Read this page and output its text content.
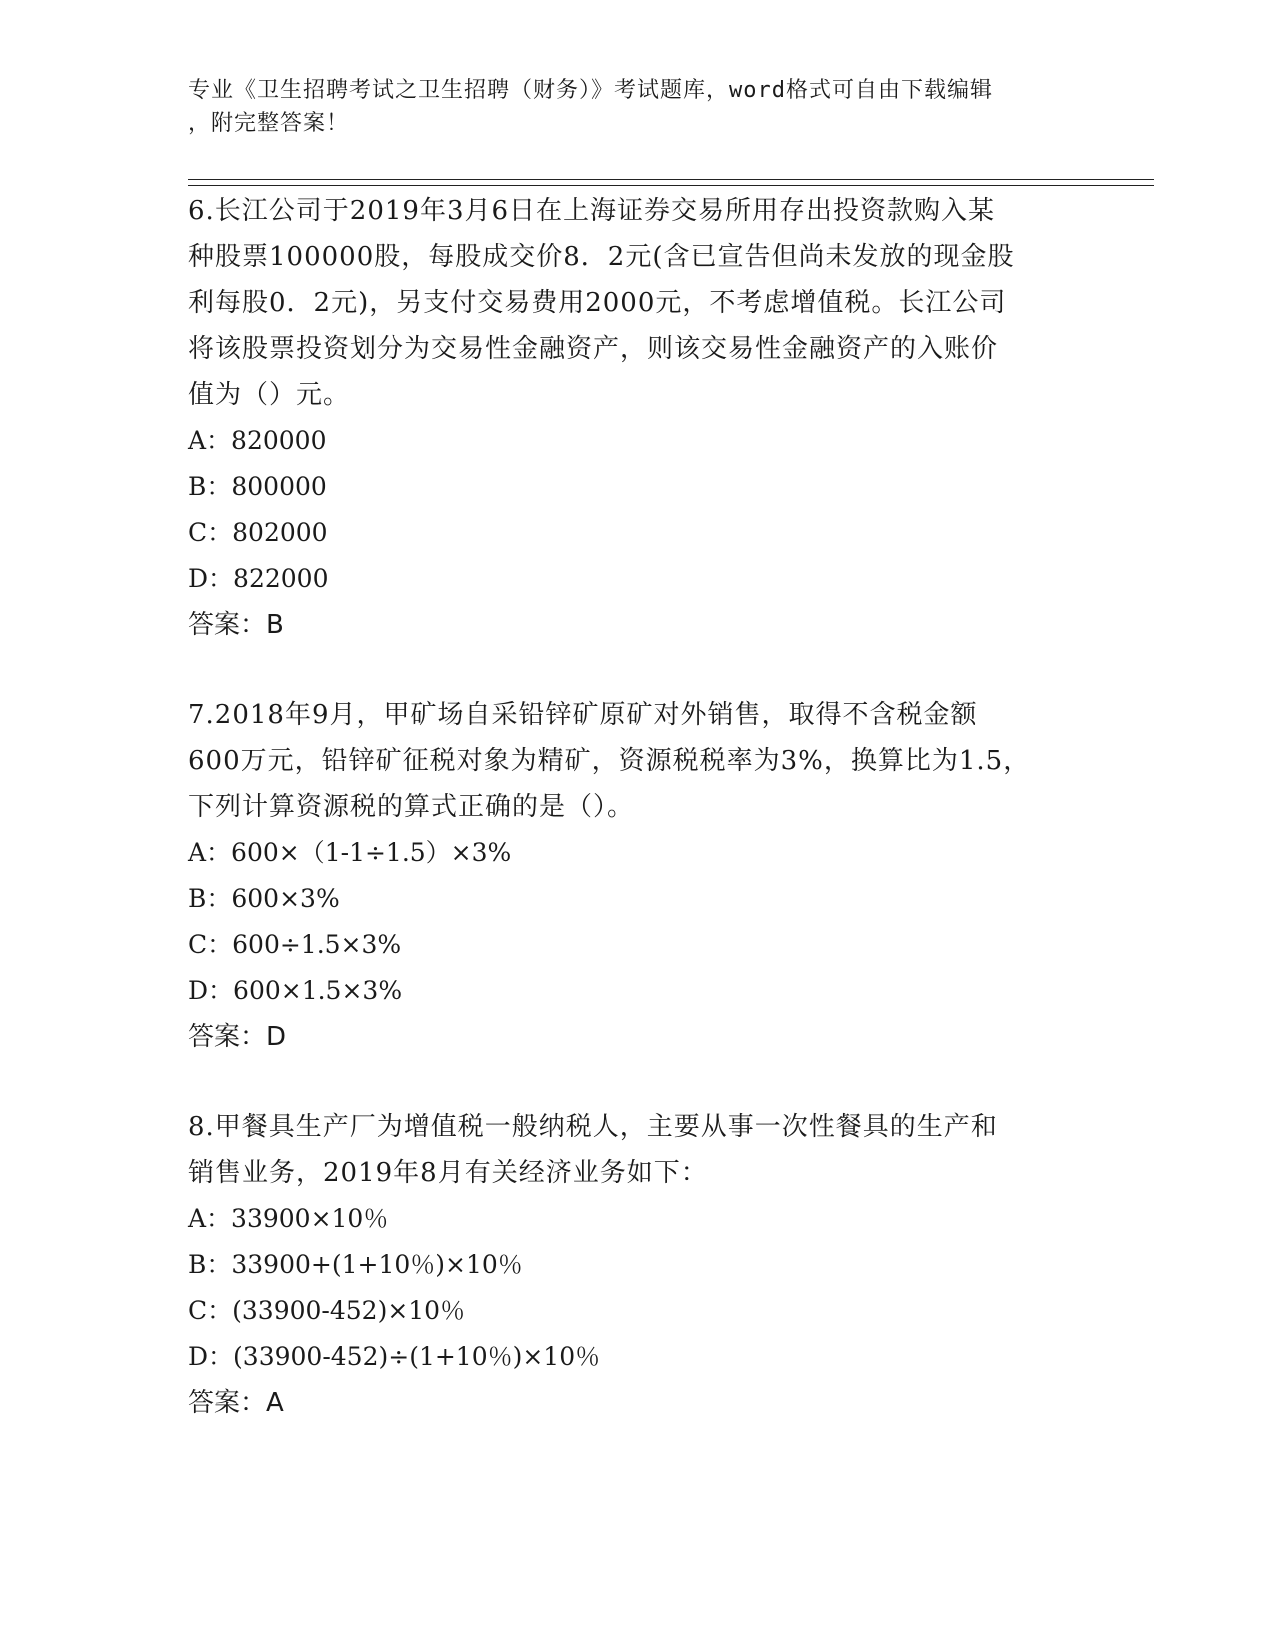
专业《卫生招聘考试之卫生招聘（财务）》考试题库，word格式可自由下载编辑
，附完整答案！
6.长江公司于2019年3月6日在上海证券交易所用存出投资款购入某
种股票100000股，每股成交价8．2元(含已宣告但尚未发放的现金股
利每股0．2元)，另支付交易费用2000元，不考虑增值税。长江公司
将该股票投资划分为交易性金融资产，则该交易性金融资产的入账价
值为（）元。
A：820000
B：800000
C：802000
D：822000
答案：B
7.2018年9月，甲矿场自采铅锌矿原矿对外销售，取得不含税金额
600万元，铅锌矿征税对象为精矿，资源税税率为3%，换算比为1.5，
下列计算资源税的算式正确的是（）。
A：600×（1-1÷1.5）×3%
B：600×3%
C：600÷1.5×3%
D：600×1.5×3%
答案：D
8.甲餐具生产厂为增值税一般纳税人，主要从事一次性餐具的生产和
销售业务，2019年8月有关经济业务如下：
A：33900×10％
B：33900+(1+10％)×10％
C：(33900-452)×10％
D：(33900-452)÷(1+10％)×10％
答案：A
